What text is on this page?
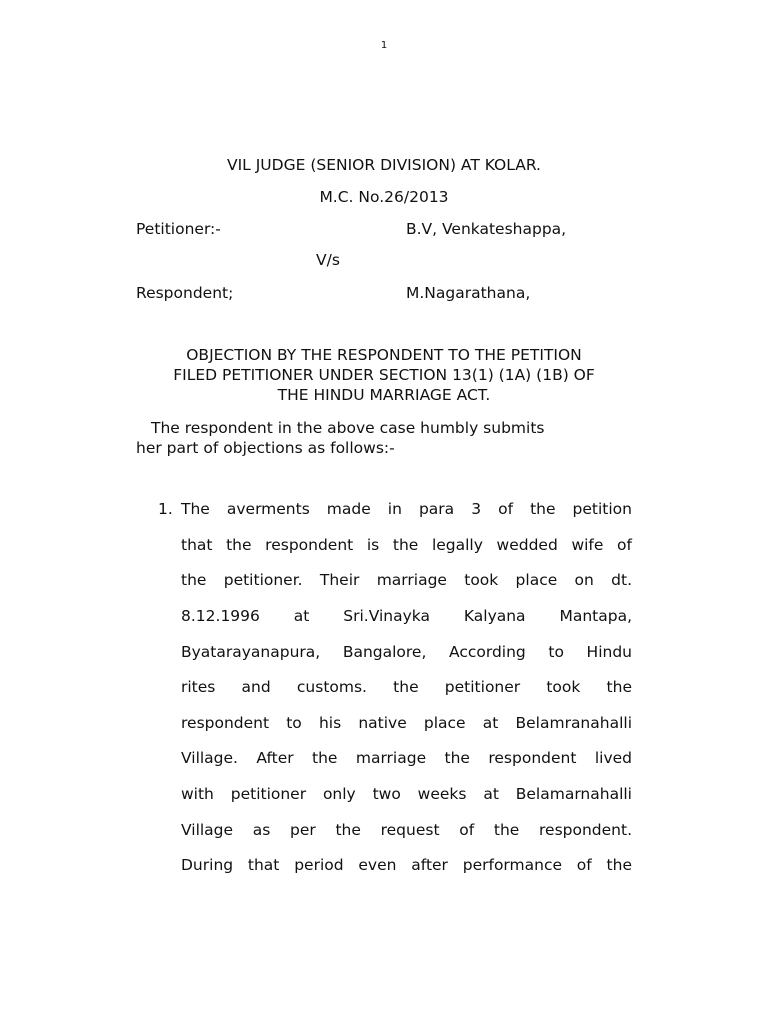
1
VIL JUDGE (SENIOR DIVISION) AT KOLAR.
M.C. No.26/2013
Petitioner:-	B.V, Venkateshappa,
V/s
Respondent;	M.Nagarathana,
OBJECTION BY THE RESPONDENT TO THE PETITION
FILED PETITIONER UNDER SECTION 13(1) (1A) (1B) OF
THE HINDU MARRIAGE ACT.
The respondent in the above case humbly submits
her part of objections as follows:-
1. The averments made in para 3 of the petition
that the respondent is the legally wedded wife of
the petitioner. Their marriage took place on dt.
8.12.1996 at Sri.Vinayka Kalyana Mantapa,
Byatarayanapura, Bangalore, According to Hindu
rites and customs. the petitioner took the
respondent to his native place at Belamranahalli
Village. After the marriage the respondent lived
with petitioner only two weeks at Belamarnahalli
Village as per the request of the respondent.
During that period even after performance of the
